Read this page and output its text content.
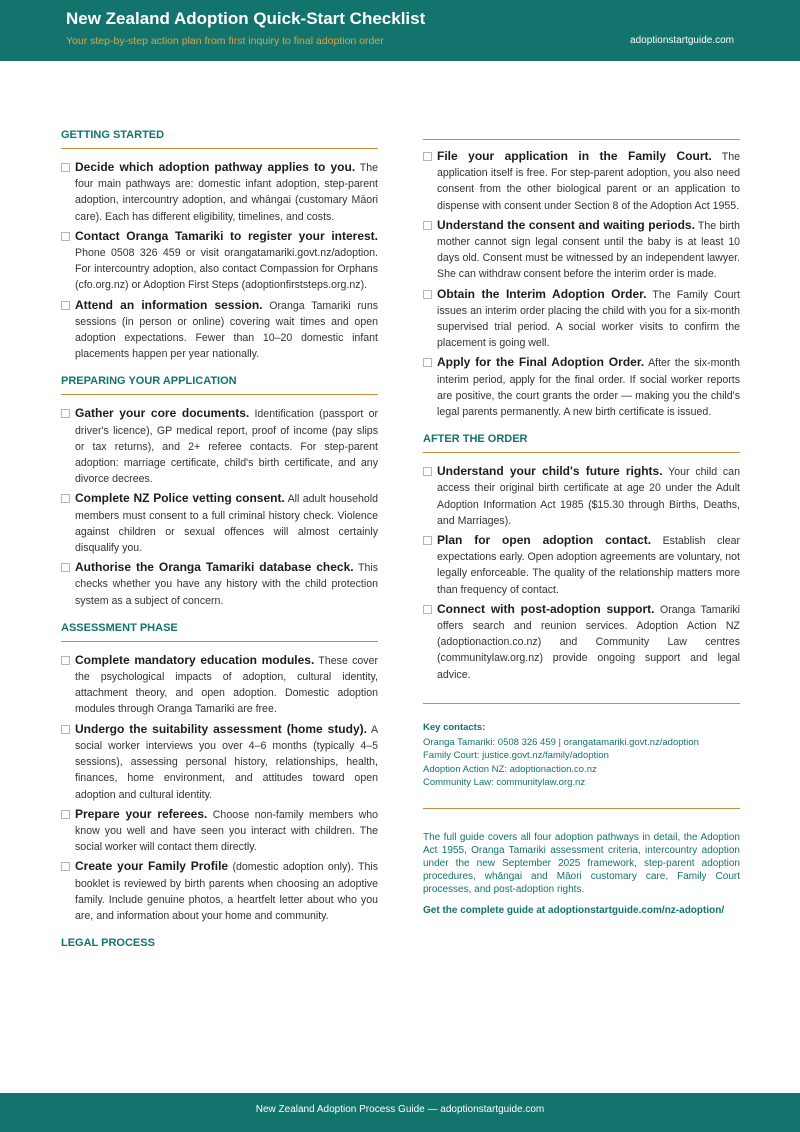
New Zealand Adoption Quick-Start Checklist
Your step-by-step action plan from first inquiry to final adoption order	adoptionstartguide.com
GETTING STARTED
Decide which adoption pathway applies to you. The four main pathways are: domestic infant adoption, step-parent adoption, intercountry adoption, and whāngai (customary Māori care). Each has different eligibility, timelines, and costs.
Contact Oranga Tamariki to register your interest. Phone 0508 326 459 or visit orangatamariki.govt.nz/adoption. For intercountry adoption, also contact Compassion for Orphans (cfo.org.nz) or Adoption First Steps (adoptionfirststeps.org.nz).
Attend an information session. Oranga Tamariki runs sessions (in person or online) covering wait times and open adoption expectations. Fewer than 10–20 domestic infant placements happen per year nationally.
PREPARING YOUR APPLICATION
Gather your core documents. Identification (passport or driver's licence), GP medical report, proof of income (pay slips or tax returns), and 2+ referee contacts. For step-parent adoption: marriage certificate, child's birth certificate, and any divorce decrees.
Complete NZ Police vetting consent. All adult household members must consent to a full criminal history check. Violence against children or sexual offences will almost certainly disqualify you.
Authorise the Oranga Tamariki database check. This checks whether you have any history with the child protection system as a subject of concern.
ASSESSMENT PHASE
Complete mandatory education modules. These cover the psychological impacts of adoption, cultural identity, attachment theory, and open adoption. Domestic adoption modules through Oranga Tamariki are free.
Undergo the suitability assessment (home study). A social worker interviews you over 4–6 months (typically 4–5 sessions), assessing personal history, relationships, health, finances, home environment, and attitudes toward open adoption and cultural identity.
Prepare your referees. Choose non-family members who know you well and have seen you interact with children. The social worker will contact them directly.
Create your Family Profile (domestic adoption only). This booklet is reviewed by birth parents when choosing an adoptive family. Include genuine photos, a heartfelt letter about who you are, and information about your home and community.
LEGAL PROCESS
File your application in the Family Court. The application itself is free. For step-parent adoption, you also need consent from the other biological parent or an application to dispense with consent under Section 8 of the Adoption Act 1955.
Understand the consent and waiting periods. The birth mother cannot sign legal consent until the baby is at least 10 days old. Consent must be witnessed by an independent lawyer. She can withdraw consent before the interim order is made.
Obtain the Interim Adoption Order. The Family Court issues an interim order placing the child with you for a six-month supervised trial period. A social worker visits to confirm the placement is going well.
Apply for the Final Adoption Order. After the six-month interim period, apply for the final order. If social worker reports are positive, the court grants the order — making you the child's legal parents permanently. A new birth certificate is issued.
AFTER THE ORDER
Understand your child's future rights. Your child can access their original birth certificate at age 20 under the Adult Adoption Information Act 1985 ($15.30 through Births, Deaths, and Marriages).
Plan for open adoption contact. Establish clear expectations early. Open adoption agreements are voluntary, not legally enforceable. The quality of the relationship matters more than frequency of contact.
Connect with post-adoption support. Oranga Tamariki offers search and reunion services. Adoption Action NZ (adoptionaction.co.nz) and Community Law centres (communitylaw.org.nz) provide ongoing support and legal advice.
Key contacts:
Oranga Tamariki: 0508 326 459 | orangatamariki.govt.nz/adoption
Family Court: justice.govt.nz/family/adoption
Adoption Action NZ: adoptionaction.co.nz
Community Law: communitylaw.org.nz
The full guide covers all four adoption pathways in detail, the Adoption Act 1955, Oranga Tamariki assessment criteria, intercountry adoption under the new September 2025 framework, step-parent adoption procedures, whāngai and Māori customary care, Family Court processes, and post-adoption rights.
Get the complete guide at adoptionstartguide.com/nz-adoption/
New Zealand Adoption Process Guide — adoptionstartguide.com
